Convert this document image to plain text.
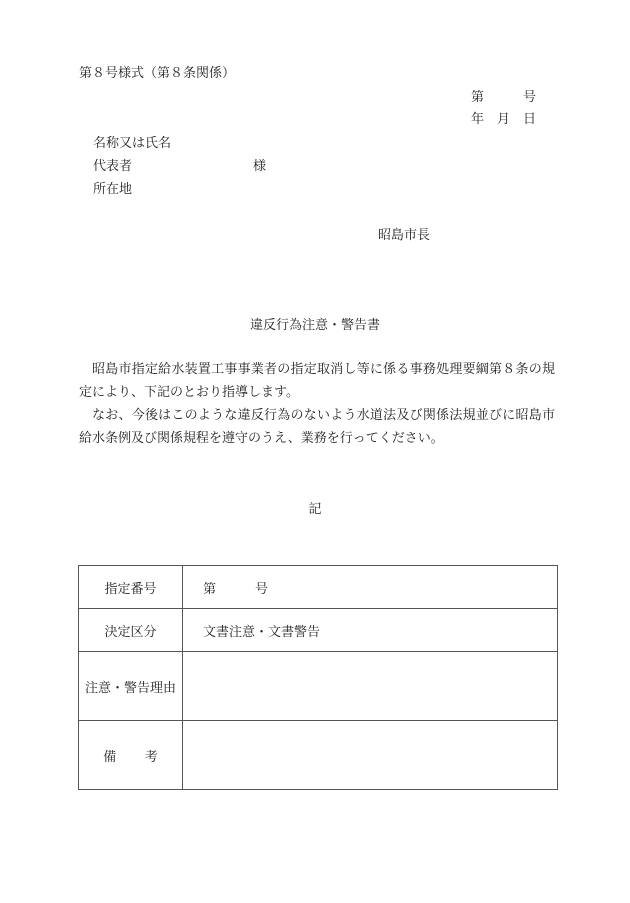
第８号様式（第８条関係）
第　　　号
年　月　日
名称又は氏名
代表者	様
所在地
昭島市長
違反行為注意・警告書
昭島市指定給水装置工事事業者の指定取消し等に係る事務処理要綱第８条の規定により、下記のとおり指導します。
なお、今後はこのような違反行為のないよう水道法及び関係法規並びに昭島市給水条例及び関係規程を遵守のうえ、業務を行ってください。
記
指定番号	第　　　号
決定区分	文書注意・文書警告
注意・警告理由	
備考	
